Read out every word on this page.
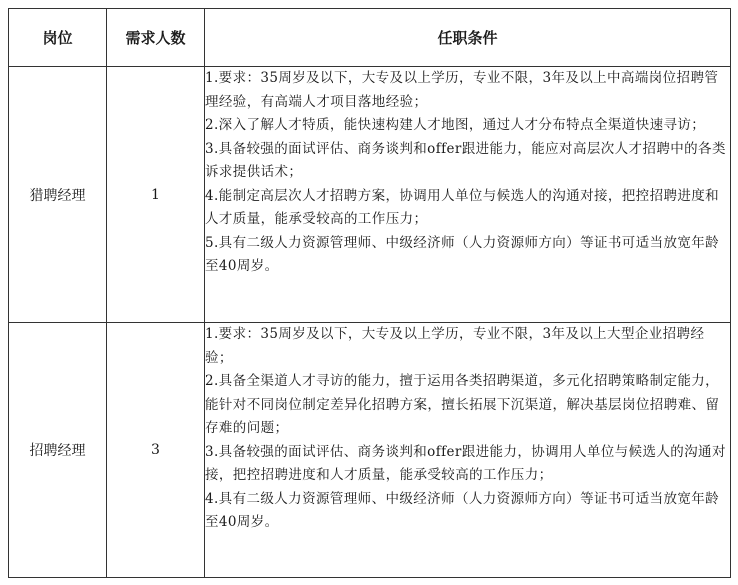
岗位	需求人数	任职条件
猎聘经理	1	1.要求：35周岁及以下，大专及以上学历，专业不限，3年及以上中高端岗位招聘管理经验，有高端人才项目落地经验；
2.深入了解人才特质，能快速构建人才地图，通过人才分布特点全渠道快速寻访；
3.具备较强的面试评估、商务谈判和offer跟进能力，能应对高层次人才招聘中的各类诉求提供话术；
4.能制定高层次人才招聘方案，协调用人单位与候选人的沟通对接，把控招聘进度和人才质量，能承受较高的工作压力；
5.具有二级人力资源管理师、中级经济师（人力资源师方向）等证书可适当放宽年龄至40周岁。

招聘经理	3	1.要求：35周岁及以下，大专及以上学历，专业不限，3年及以上大型企业招聘经验；
2.具备全渠道人才寻访的能力，擅于运用各类招聘渠道，多元化招聘策略制定能力，能针对不同岗位制定差异化招聘方案，擅长拓展下沉渠道，解决基层岗位招聘难、留存难的问题；
3.具备较强的面试评估、商务谈判和offer跟进能力，协调用人单位与候选人的沟通对接，把控招聘进度和人才质量，能承受较高的工作压力；
4.具有二级人力资源管理师、中级经济师（人力资源师方向）等证书可适当放宽年龄至40周岁。
